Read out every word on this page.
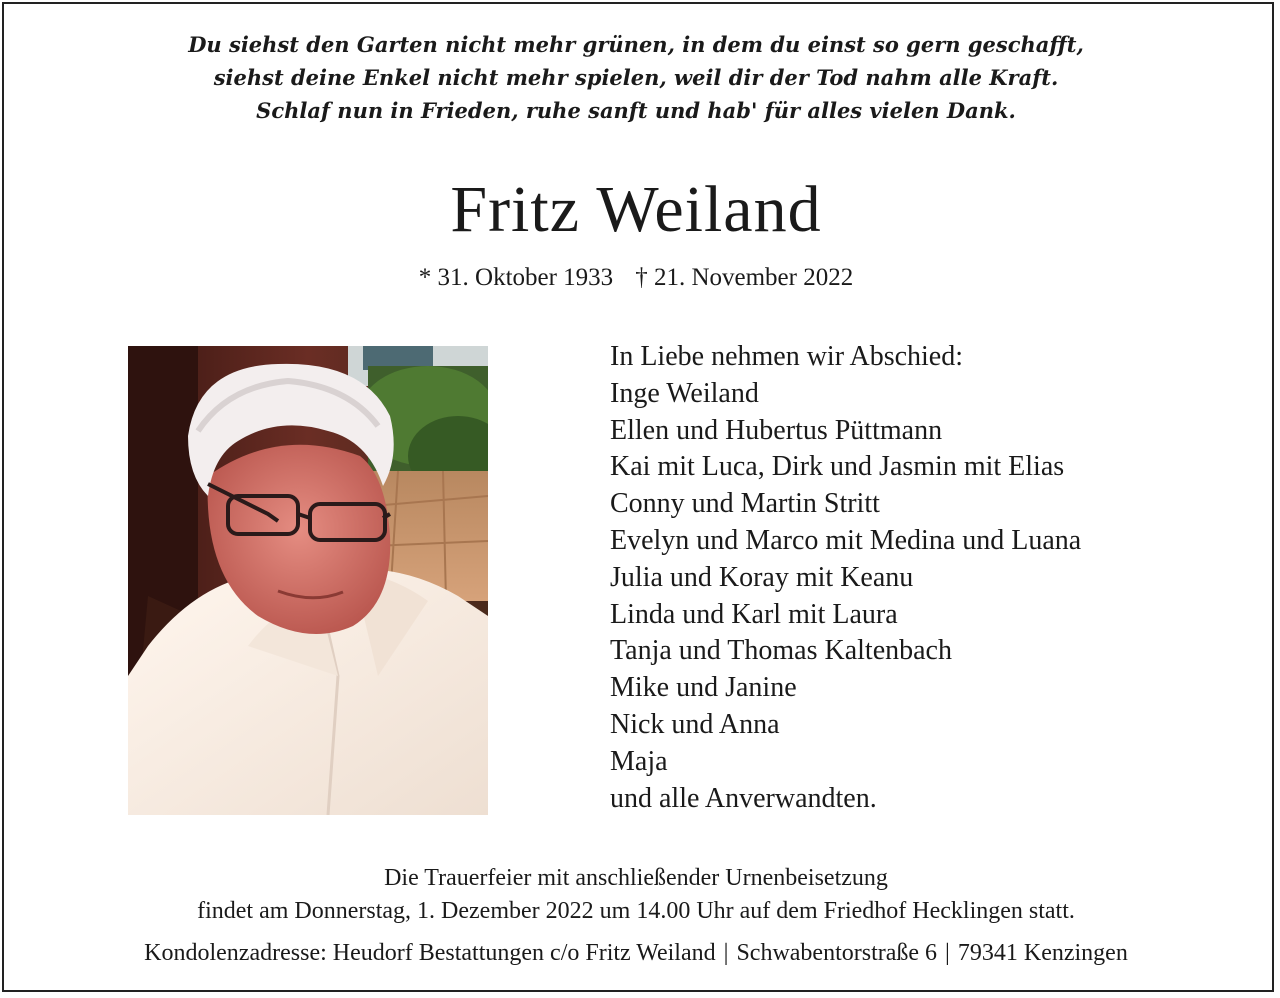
Du siehst den Garten nicht mehr grünen, in dem du einst so gern geschafft,
siehst deine Enkel nicht mehr spielen, weil dir der Tod nahm alle Kraft.
Schlaf nun in Frieden, ruhe sanft und hab' für alles vielen Dank.
Fritz Weiland
* 31. Oktober 1933 † 21. November 2022
In Liebe nehmen wir Abschied:
Inge Weiland
Ellen und Hubertus Püttmann
Kai mit Luca, Dirk und Jasmin mit Elias
Conny und Martin Stritt
Evelyn und Marco mit Medina und Luana
Julia und Koray mit Keanu
Linda und Karl mit Laura
Tanja und Thomas Kaltenbach
Mike und Janine
Nick und Anna
Maja
und alle Anverwandten.
Die Trauerfeier mit anschließender Urnenbeisetzung
findet am Donnerstag, 1. Dezember 2022 um 14.00 Uhr auf dem Friedhof Hecklingen statt.
Kondolenzadresse: Heudorf Bestattungen c/o Fritz Weiland | Schwabentorstraße 6 | 79341 Kenzingen
